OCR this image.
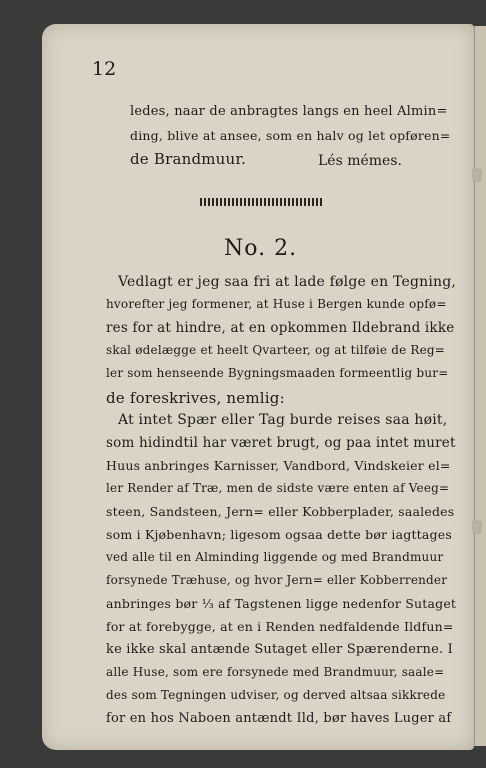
12
ledes, naar de anbragtes langs en heel Almin=
ding, blive at ansee, som en halv og let opføren=
de Brandmuur.	Lés mémes.
No. 2.
Vedlagt er jeg saa fri at lade følge en Tegning,
hvorefter jeg formener, at Huse i Bergen kunde opfø=
res for at hindre, at en opkommen Ildebrand ikke
skal ødelægge et heelt Qvarteer, og at tilføie de Reg=
ler som henseende Bygningsmaaden formeentlig bur=
de foreskrives, nemlig:
At intet Spær eller Tag burde reises saa høit,
som hidindtil har været brugt, og paa intet muret
Huus anbringes Karnisser, Vandbord, Vindskeier el=
ler Render af Træ, men de sidste være enten af Veeg=
steen, Sandsteen, Jern= eller Kobberplader, saaledes
som i Kjøbenhavn; ligesom ogsaa dette bør iagttages
ved alle til en Alminding liggende og med Brandmuur
forsynede Træhuse, og hvor Jern= eller Kobberrender
anbringes bør ⅓ af Tagstenen ligge nedenfor Sutaget
for at forebygge, at en i Renden nedfaldende Ildfun=
ke ikke skal antænde Sutaget eller Spærenderne. I
alle Huse, som ere forsynede med Brandmuur, saale=
des som Tegningen udviser, og derved altsaa sikkrede
for en hos Naboen antændt Ild, bør haves Luger af
